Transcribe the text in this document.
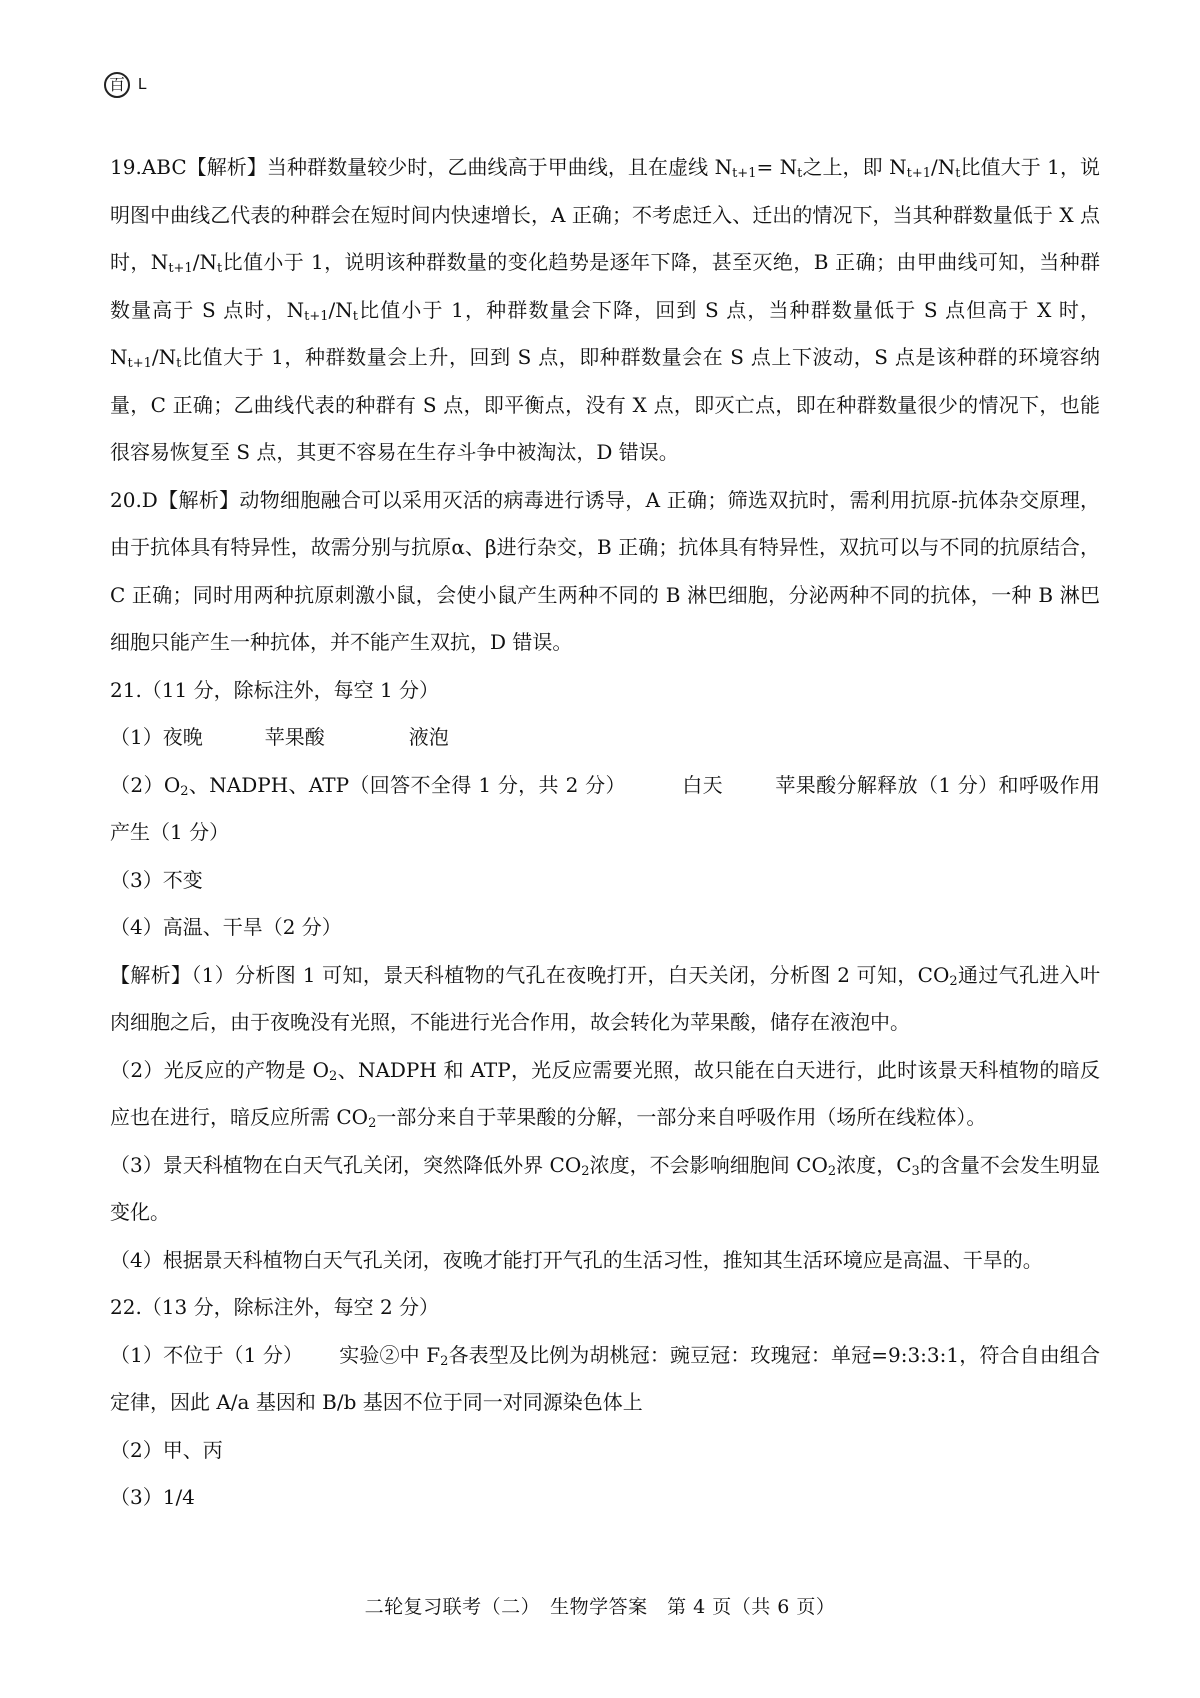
百 L

19.ABC【解析】当种群数量较少时，乙曲线高于甲曲线，且在虚线 $N_{t+1}= N_t$之上，即 $N_{t+1}/N_t$比值大于 1，说明图中曲线乙代表的种群会在短时间内快速增长，A 正确；不考虑迁入、迁出的情况下，当其种群数量低于 X 点时，$N_{t+1}/N_t$比值小于 1，说明该种群数量的变化趋势是逐年下降，甚至灭绝，B 正确；由甲曲线可知，当种群数量高于 S 点时，$N_{t+1}/N_t$比值小于 1，种群数量会下降，回到 S 点，当种群数量低于 S 点但高于 X 时，$N_{t+1}/N_t$比值大于 1，种群数量会上升，回到 S 点，即种群数量会在 S 点上下波动，S 点是该种群的环境容纳量，C 正确；乙曲线代表的种群有 S 点，即平衡点，没有 X 点，即灭亡点，即在种群数量很少的情况下，也能很容易恢复至 S 点，其更不容易在生存斗争中被淘汰，D 错误。

20.D【解析】动物细胞融合可以采用灭活的病毒进行诱导，A 正确；筛选双抗时，需利用抗原-抗体杂交原理，由于抗体具有特异性，故需分别与抗原α、β进行杂交，B 正确；抗体具有特异性，双抗可以与不同的抗原结合，C 正确；同时用两种抗原刺激小鼠，会使小鼠产生两种不同的 B 淋巴细胞，分泌两种不同的抗体，一种 B 淋巴细胞只能产生一种抗体，并不能产生双抗，D 错误。

21.（11 分，除标注外，每空 1 分）

（1）夜晚	苹果酸	液泡

$(2)O_2$、NADPH、ATP（回答不全得 1 分，共 2 分）	白天	苹果酸分解释放（1 分）和呼吸作用产生（1 分）

（3）不变

（4）高温、干旱（2 分）

【解析】（1）分析图 1 可知，景天科植物的气孔在夜晚打开，白天关闭，分析图 2 可知，$CO_2$通过气孔进入叶肉细胞之后，由于夜晚没有光照，不能进行光合作用，故会转化为苹果酸，储存在液泡中。

（2）光反应的产物是 $O_2$、NADPH 和 ATP，光反应需要光照，故只能在白天进行，此时该景天科植物的暗反应也在进行，暗反应所需 $CO_2$一部分来自于苹果酸的分解，一部分来自呼吸作用（场所在线粒体）。

（3）景天科植物在白天气孔关闭，突然降低外界 $CO_2$浓度，不会影响细胞间 $CO_2$浓度，$C_3$的含量不会发生明显变化。

（4）根据景天科植物白天气孔关闭，夜晚才能打开气孔的生活习性，推知其生活环境应是高温、干旱的。

22.（13 分，除标注外，每空 2 分）

（1）不位于（1 分） 实验②中 $F_2$各表型及比例为胡桃冠：豌豆冠：玫瑰冠：单冠=9:3:3:1，符合自由组合定律，因此 A/a 基因和 B/b 基因不位于同一对同源染色体上

（2）甲、丙

（3）1/4

二轮复习联考（二）　生物学答案　第 4 页（共 6 页）
